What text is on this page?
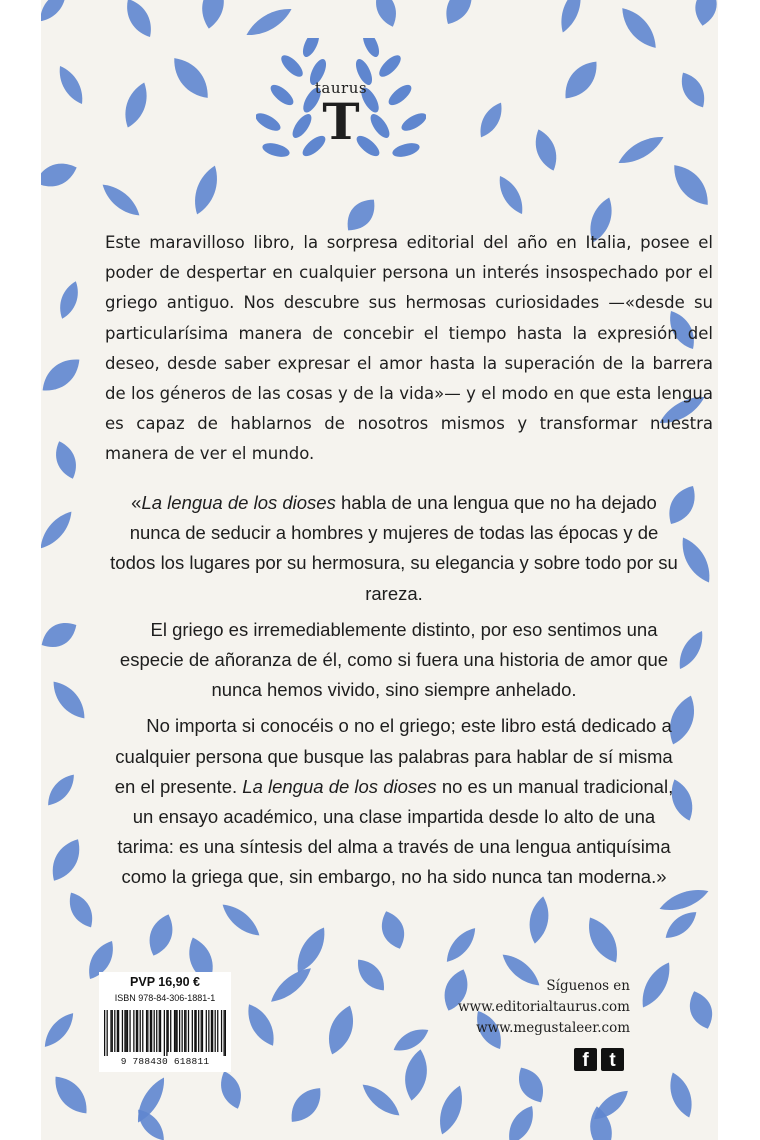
taurus
T

Este maravilloso libro, la sorpresa editorial del año en Italia, posee el poder de despertar en cualquier persona un interés insospechado por el griego antiguo. Nos descubre sus hermosas curiosidades —«desde su particularísima manera de concebir el tiempo hasta la expresión del deseo, desde saber expresar el amor hasta la superación de la barrera de los géneros de las cosas y de la vida»— y el modo en que esta lengua es capaz de hablarnos de nosotros mismos y transformar nuestra manera de ver el mundo.

«La lengua de los dioses habla de una lengua que no ha dejado nunca de seducir a hombres y mujeres de todas las épocas y de todos los lugares por su hermosura, su elegancia y sobre todo por su rareza.

El griego es irremediablemente distinto, por eso sentimos una especie de añoranza de él, como si fuera una historia de amor que nunca hemos vivido, sino siempre anhelado.

No importa si conocéis o no el griego; este libro está dedicado a cualquier persona que busque las palabras para hablar de sí misma en el presente. La lengua de los dioses no es un manual tradicional, un ensayo académico, una clase impartida desde lo alto de una tarima: es una síntesis del alma a través de una lengua antiquísima como la griega que, sin embargo, no ha sido nunca tan moderna.»

PVP 16,90 €
ISBN 978-84-306-1881-1
9 788430 618811
Síguenos en
www.editorialtaurus.com
www.megustaleer.com
f t
